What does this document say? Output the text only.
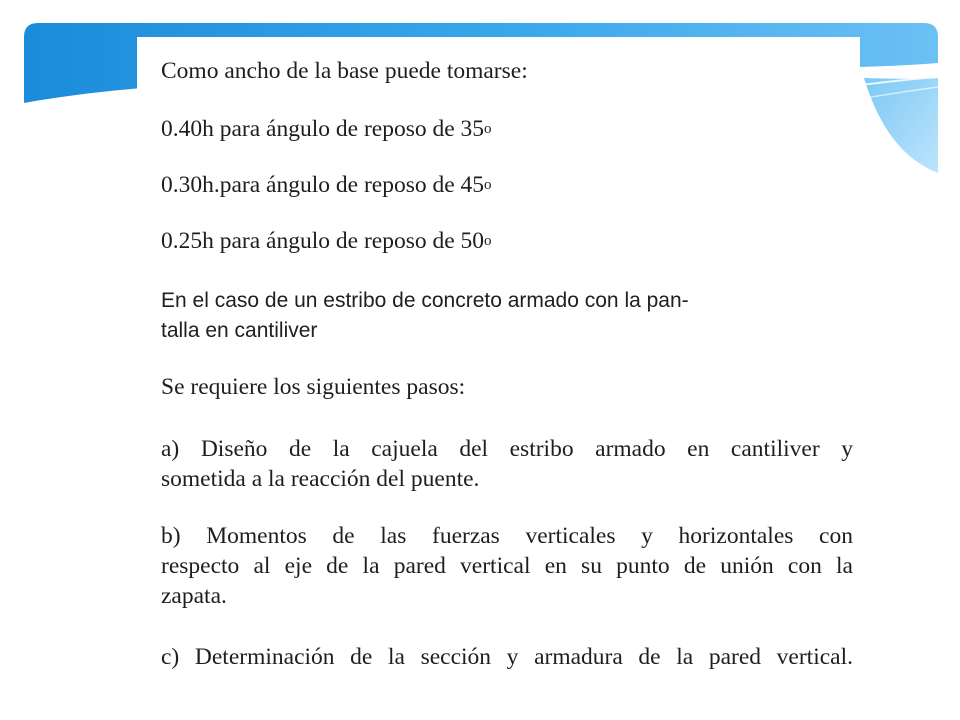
Como ancho de la base puede tomarse:

0.40h para ángulo de reposo de 35$^o$

0.30h.para ángulo de reposo de 45$^o$

0.25h para ángulo de reposo de 50$^o$

En el caso de un estribo de concreto armado con la pan-

talla en cantiliver

Se requiere los siguientes pasos:

a) Diseño de la cajuela del estribo armado en cantiliver y

sometida a la reacción del puente.

b) Momentos de las fuerzas verticales y horizontales con

respecto al eje de la pared vertical en su punto de unión con la

zapata.

c) Determinación de la sección y armadura de la pared vertical.
